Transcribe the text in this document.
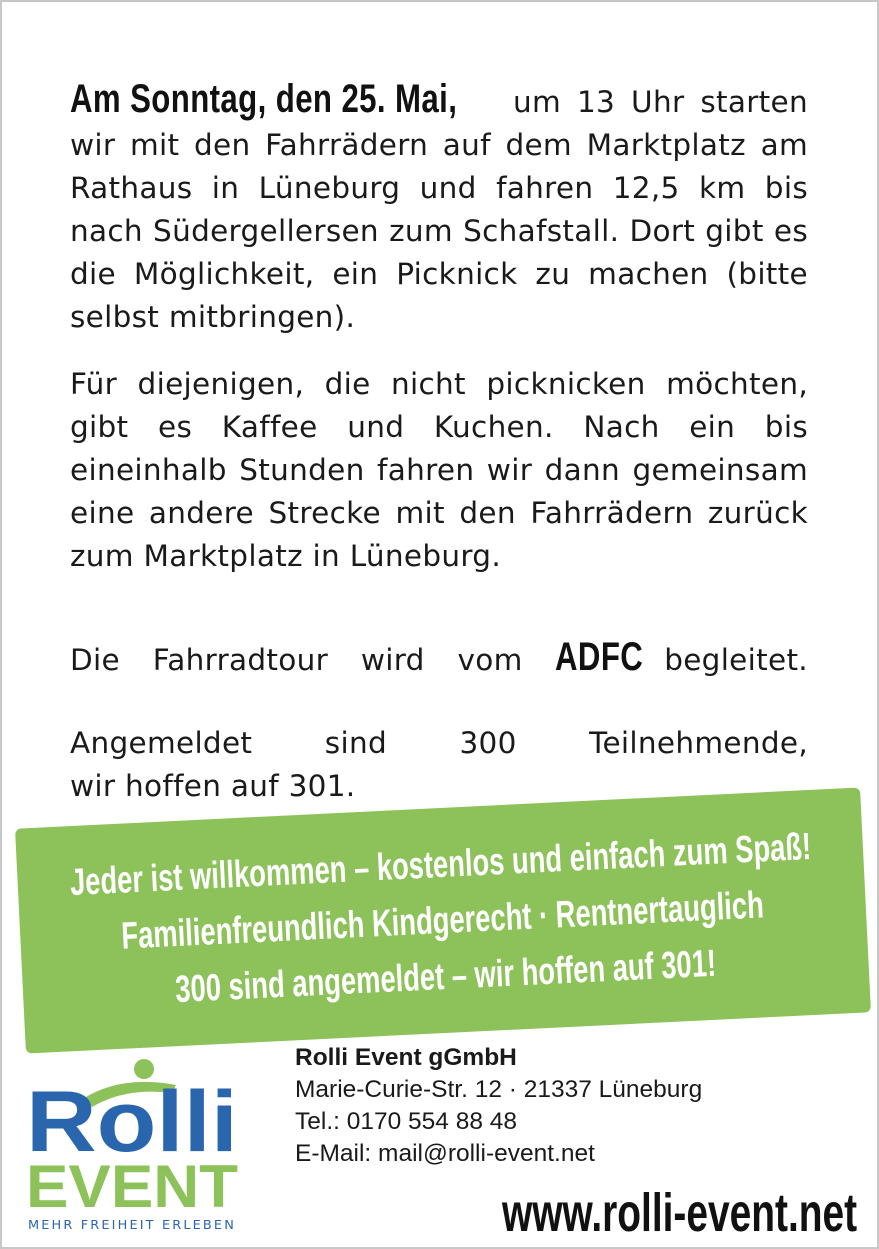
Am Sonntag, den 25. Mai, um 13 Uhr starten wir mit den Fahrrädern auf dem Marktplatz am Rathaus in Lüneburg und fahren 12,5 km bis nach Südergellersen zum Schafstall. Dort gibt es die Möglichkeit, ein Picknick zu machen (bitte selbst mitbringen).

Für diejenigen, die nicht picknicken möchten, gibt es Kaffee und Kuchen. Nach ein bis eineinhalb Stunden fahren wir dann gemeinsam eine andere Strecke mit den Fahrrädern zurück zum Marktplatz in Lüneburg.

Die Fahrradtour wird vom ADFC begleitet.

Angemeldet sind 300 Teilnehmende,
wir hoffen auf 301.
Jeder ist willkommen – kostenlos und einfach zum Spaß!
Familienfreundlich Kindgerecht · Rentnertauglich
300 sind angemeldet – wir hoffen auf 301!
Rolli
EVENT
MEHR FREIHEIT ERLEBEN
Rolli Event gGmbH
Marie-Curie-Str. 12 · 21337 Lüneburg
Tel.: 0170 554 88 48
E-Mail: mail@rolli-event.net
www.rolli-event.net
